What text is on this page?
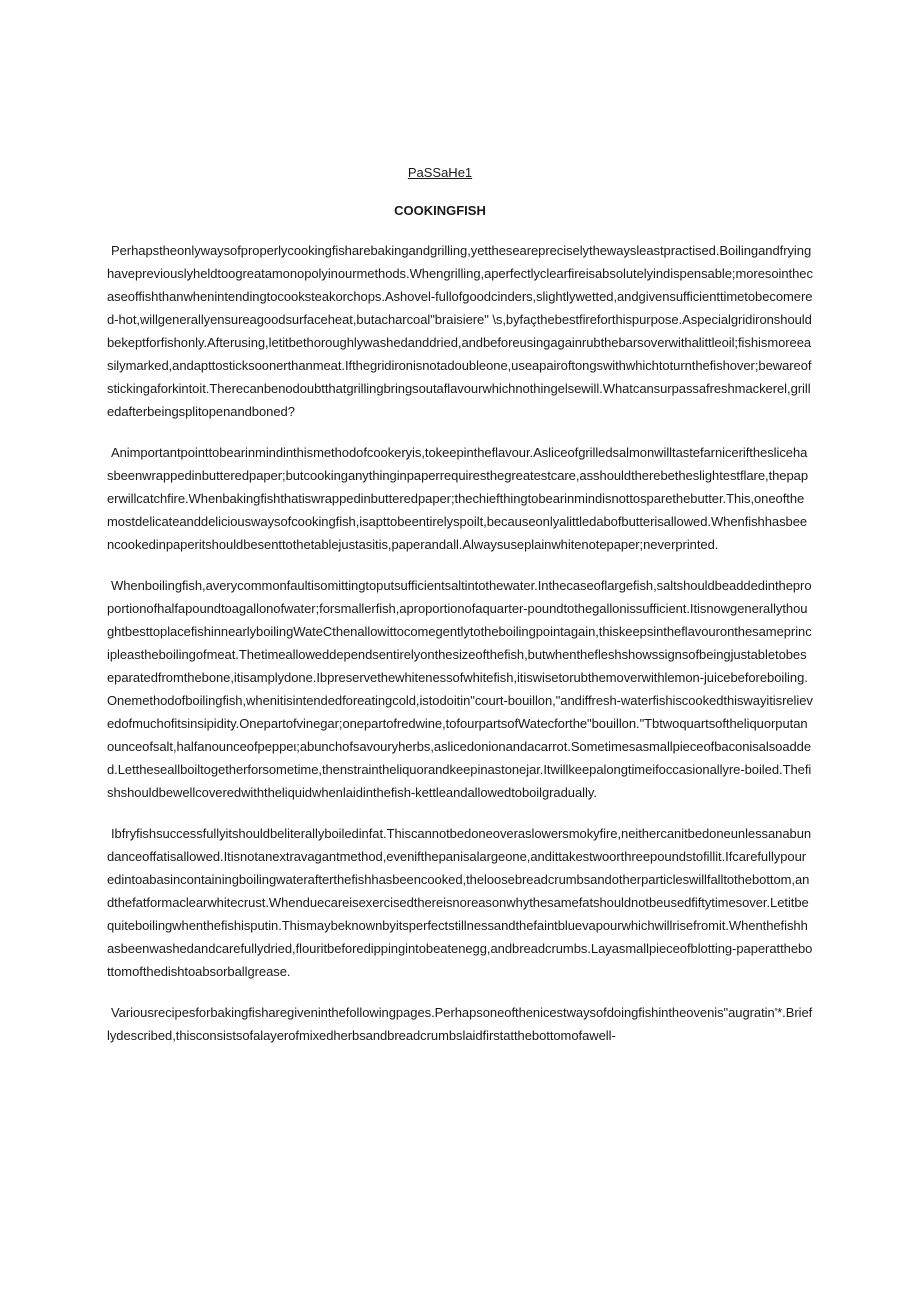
PaSSaHe1
COOKINGFISH

Perhapstheonlywaysofproperlycookingfisharebakingandgrilling,yettheseareprecisely​thewaysleastpractised.Boilingandfryinghavepreviouslyheldtoogreatamonopolyinourmethods.Whengrilling,aperfectlyclearfireisabsolutelyindispensable;moresointhecaseoffishthanwhenintendingtocooksteakorchops.Ashovel-fullofgoodcinders,slightlywetted,andgivensufficienttimetobecomered-hot,willgenerallyensureagoodsurfaceheat,butacharcoal"braisiere" \s,byfaçthebestfireforthispurpose.Aspecialgridironshouldbekeptforfishonly.Afterusing,letitbethoroughlywashedanddried,andbeforeusingagainrubthebarsoverwithalittleoil;fishismoreeasilymarked,andapttosticksoonerthanmeat.Ifthegridironisnotadoubleone,useapairoftongswithwhichtoturnthefishover;bewareofstickingaforkintoit.Therecanbenodoubtthatgrillingbringsoutaflavourwhichnothingelsewill.Whatcansurpassafreshmackerel,grilledafterbeingsplitopenandboned?

Animportantpointtobearinmindinthismethodofcookeryis,tokeepintheflavour.Asliceofgrilledsalmonwilltastefarniceriftheslicehasbeenwrappedinbutteredpaper;butcookinganythinginpaperrequiresthegreatestcare,asshouldtherebetheslightestflare,thepaperwillcatchfire.Whenbakingfishthatiswrappedinbutteredpaper;thechiefthingtobearinmindisnottosparethebutter.This,oneofthemostdelicateanddeliciouswaysofcookingfish,isapttobeentirelyspoilt,becauseonlyalittledabofbutterisallowed.Whenfishhasbeencookedinpaperitshouldbesenttothetablejustasitis,paperandall.Alwaysuseplainwhitenotepaper;neverprinted.

Whenboilingfish,averycommonfaultisomittingtoputsufficientsaltintothewater.Inthecaseoflargefish,saltshouldbeaddedintheproportionofhalfapoundtoagallonofwater;forsmallerfish,aproportionofaquarter-poundtothegallonissufficient.ItisnowgenerallythoughtbesttoplacefishinnearlyboilingWateCthenallowittocomegentlytotheboilingpointagain,thiskeepsintheflavouronthesameprincipleastheboilingofmeat.Thetimealloweddependsentirelyonthesizeofthefish,butwhenthefleshshowssignsofbeingjustabletobeseparatedfromthebone,itisamplydone.Ibpreservethewhitenessofwhitefish,itiswisetorubthemoverwithlemon-juicebeforeboiling.Onemethodofboilingfish,whenitisintendedforeatingcold,istodoitin"court-bouillon,"andiffresh-waterfishiscookedthiswayitisrelievedofmuchofitsinsipidity.Onepartofvinegar;onepartofredwine,tofourpartsofWatecforthe"bouillon."Tbtwoquartsoftheliquorputanounceofsalt,halfanounceofpeppeι;abunchofsavouryherbs,aslicedonionandacarrot.Sometimesasmallpieceofbaconisalsoadded.Lettheseallboiltogetherforsometime,thenstraintheliquorandkeepinastonejar.Itwillkeepalongtimeifoccasionallyre-boiled.Thefishshouldbewellcoveredwiththeliquidwhenlaidinthefish-kettleandallowedtoboilgradually.

Ibfryfishsuccessfullyitshouldbeliterallyboiledinfat.Thiscannotbedoneoveraslowersmokyfire,neithercanitbedoneunlessanabundanceoffatisallowed.Itisnotanextravagantmethod,evenifthepanisalargeone,andittakestwoorthreepoundstofillit.Ifcarefullypouredintoabasincontainingboilingwaterafterthefishhasbeencooked,theloosebreadcrumbsandotherparticleswillfalltothebottom,andthefatformaclearwhitecrust.Whenduecareisexercisedthereisnoreasonwhythesamefatshouldnotbeusedfiftytimesover.Letitbequiteboilingwhenthefishisputin.Thismaybeknownbyitsperfectstillnessandthefaintbluevapourwhichwillrisefromit.Whenthefishhasbeenwashedandcarefullydried,flouritbeforedippingintobeatenegg,andbreadcrumbs.Layasmallpieceofblotting-paperatthebottomofthedishtoabsorballgrease.

Variousrecipesforbakingfisharegiveninthefollowingpages.Perhapsoneofthenicestwaysofdoingfishintheovenis"augratin'*.Brieflydescribed,thisconsistsofalayerofmixedherbsandbreadcrumbslaidfirstatthebottomofawell-
